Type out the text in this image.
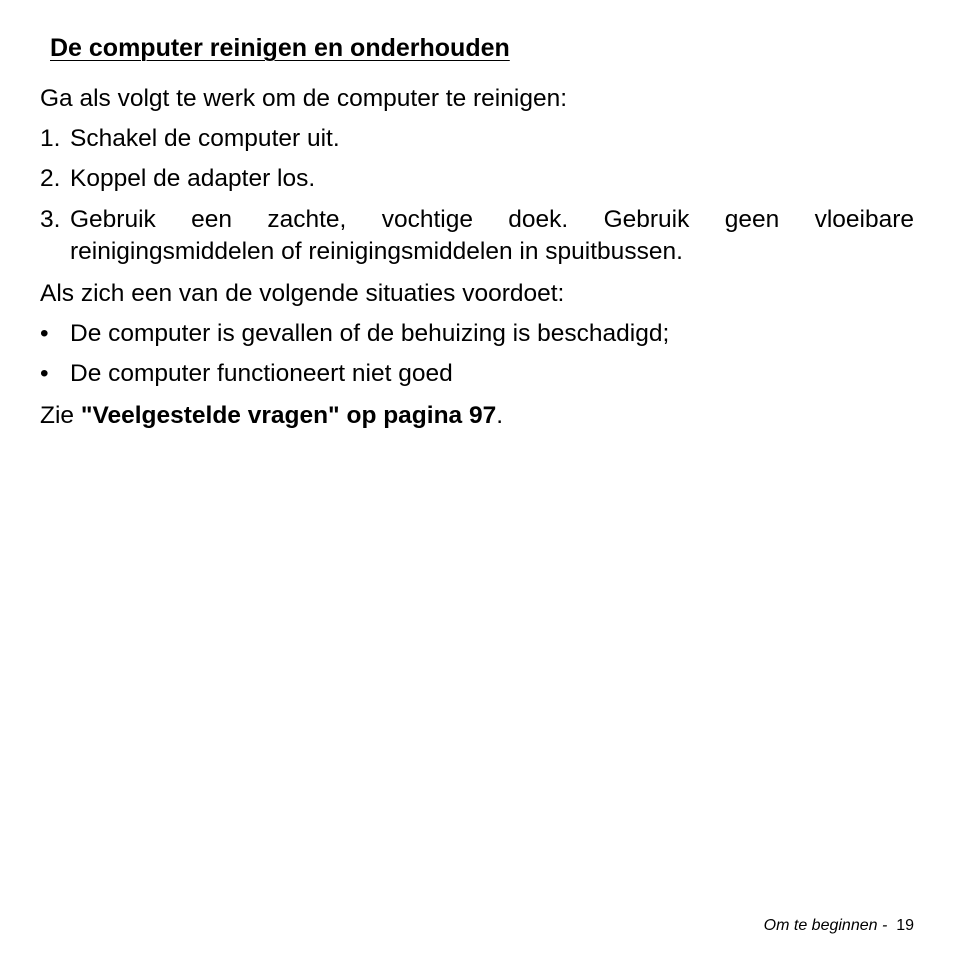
De computer reinigen en onderhouden

Ga als volgt te werk om de computer te reinigen:

1. Schakel de computer uit.
2. Koppel de adapter los.
3. Gebruik een zachte, vochtige doek. Gebruik geen vloeibare reinigingsmiddelen of reinigingsmiddelen in spuitbussen.

Als zich een van de volgende situaties voordoet:

• De computer is gevallen of de behuizing is beschadigd;
• De computer functioneert niet goed

Zie "Veelgestelde vragen" op pagina 97.

Om te beginnen -  19
